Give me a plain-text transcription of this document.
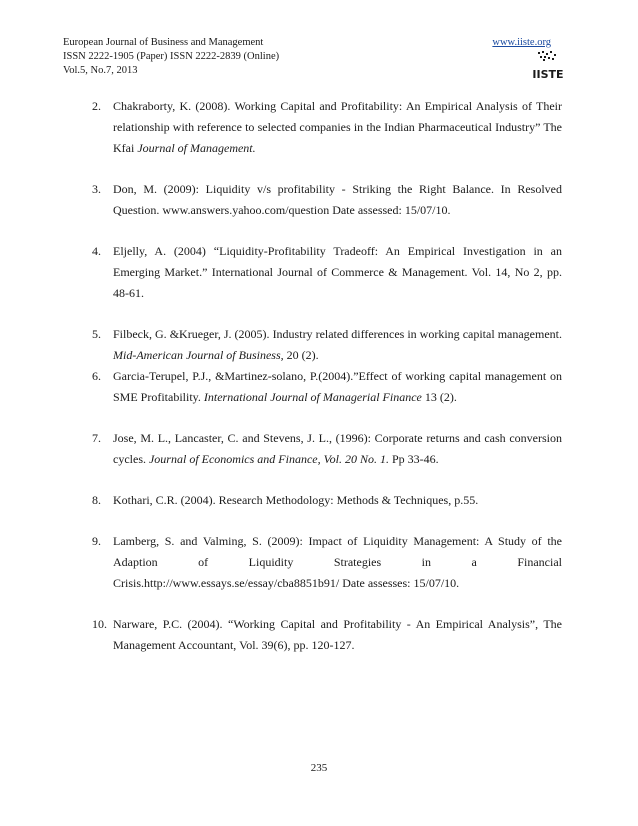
European Journal of Business and Management
ISSN 2222-1905 (Paper) ISSN 2222-2839 (Online)
Vol.5, No.7, 2013
www.iiste.org
IISTE
2. Chakraborty, K. (2008). Working Capital and Profitability: An Empirical Analysis of Their relationship with reference to selected companies in the Indian Pharmaceutical Industry” The Kfai Journal of Management.
3. Don, M. (2009): Liquidity v/s profitability - Striking the Right Balance. In Resolved Question. www.answers.yahoo.com/question Date assessed: 15/07/10.
4. Eljelly, A. (2004) “Liquidity-Profitability Tradeoff: An Empirical Investigation in an Emerging Market.” International Journal of Commerce & Management. Vol. 14, No 2, pp. 48-61.
5. Filbeck, G. &Krueger, J. (2005). Industry related differences in working capital management. Mid-American Journal of Business, 20 (2).
6. Garcia-Terupel, P.J., &Martinez-solano, P.(2004).”Effect of working capital management on SME Profitability. International Journal of Managerial Finance 13 (2).
7. Jose, M. L., Lancaster, C. and Stevens, J. L., (1996): Corporate returns and cash conversion cycles. Journal of Economics and Finance, Vol. 20 No. 1. Pp 33-46.
8. Kothari, C.R. (2004). Research Methodology: Methods & Techniques, p.55.
9. Lamberg, S. and Valming, S. (2009): Impact of Liquidity Management: A Study of the Adaption of Liquidity Strategies in a Financial Crisis.http://www.essays.se/essay/cba8851b91/ Date assesses: 15/07/10.
10. Narware, P.C. (2004). “Working Capital and Profitability - An Empirical Analysis”, The Management Accountant, Vol. 39(6), pp. 120-127.
235
